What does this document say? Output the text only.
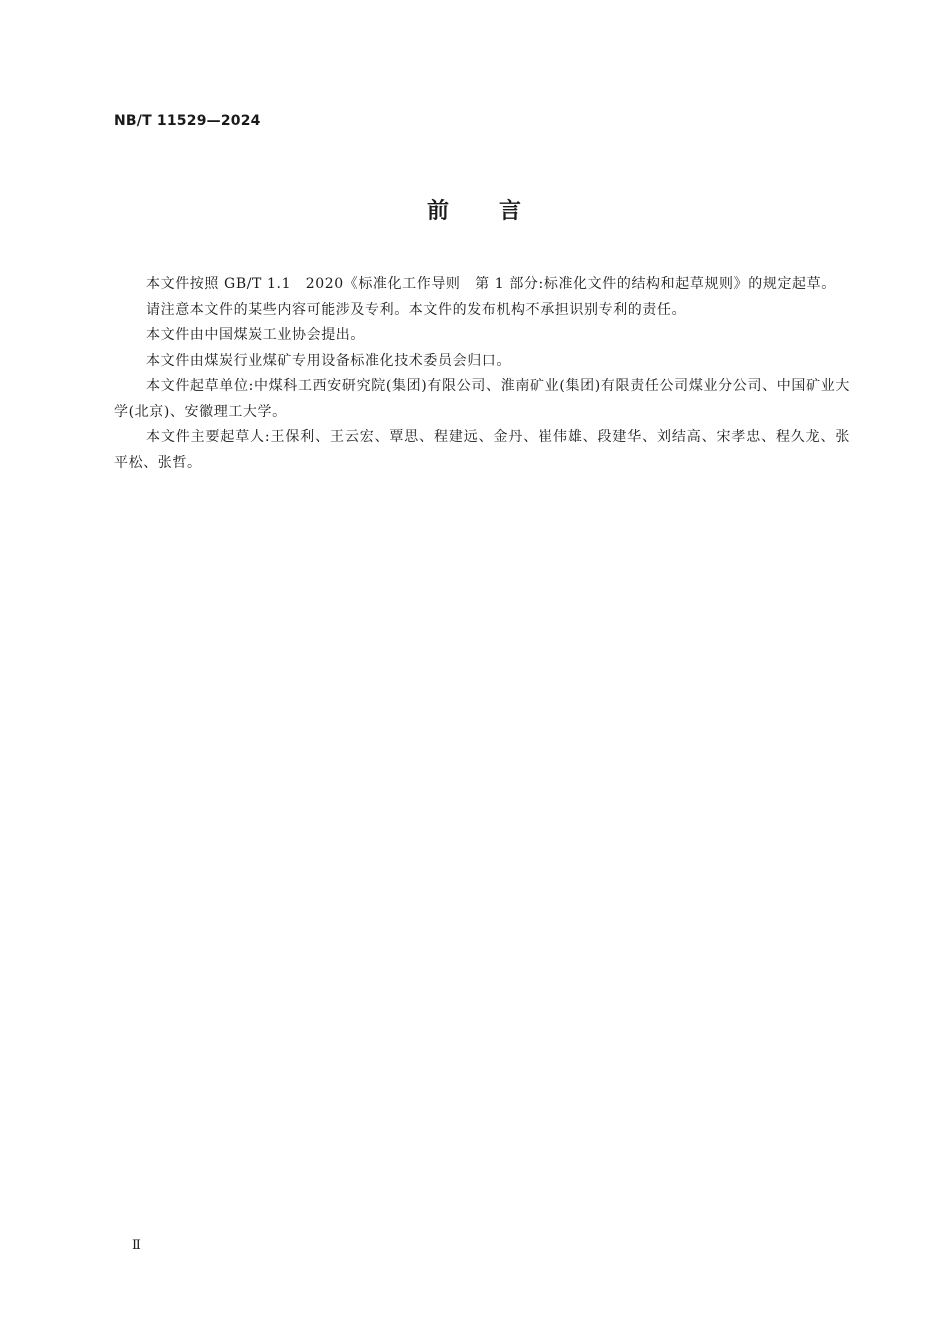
NB/T 11529—2024
前　　言

本文件按照 GB/T 1.1　2020《标准化工作导则　第 1 部分:标准化文件的结构和起草规则》的规定起草。

请注意本文件的某些内容可能涉及专利。本文件的发布机构不承担识别专利的责任。

本文件由中国煤炭工业协会提出。

本文件由煤炭行业煤矿专用设备标准化技术委员会归口。

本文件起草单位:中煤科工西安研究院(集团)有限公司、淮南矿业(集团)有限责任公司煤业分公司、中国矿业大学(北京)、安徽理工大学。

本文件主要起草人:王保利、王云宏、覃思、程建远、金丹、崔伟雄、段建华、刘结高、宋孝忠、程久龙、张平松、张哲。

Ⅱ
